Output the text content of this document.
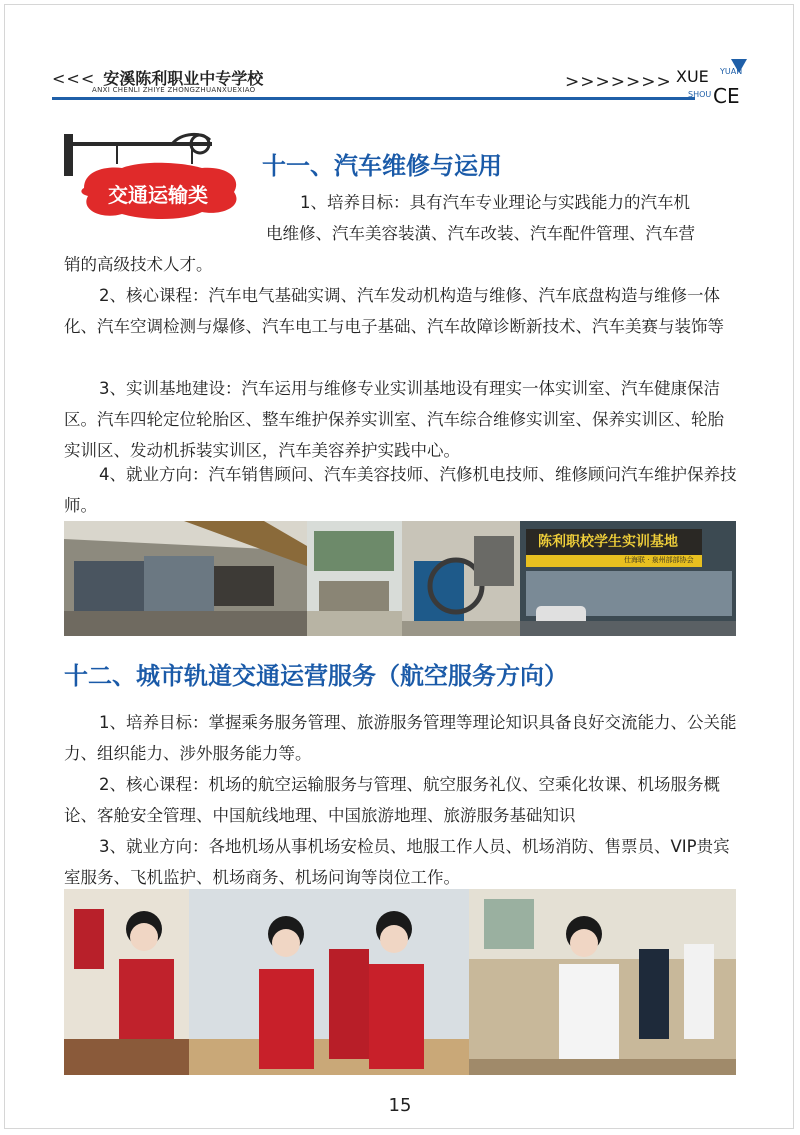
<<< 安溪陈利职业中专学校
ANXI CHENLI ZHIYE ZHONGZHUANXUEXIAO	>>>>>>> XUE YUAN
SHOU CE
交通运输类
十一、汽车维修与运用
1、培养目标：具有汽车专业理论与实践能力的汽车机
电维修、汽车美容装潢、汽车改装、汽车配件管理、汽车营
销的高级技术人才。
2、核心课程：汽车电气基础实调、汽车发动机构造与维修、汽车底盘构造与维修一体化、汽车空调检测与爆修、汽车电工与电子基础、汽车故障诊断新技术、汽车美赛与装饰等
3、实训基地建设：汽车运用与维修专业实训基地设有理实一体实训室、汽车健康保洁区。汽车四轮定位轮胎区、整车维护保养实训室、汽车综合维修实训室、保养实训区、轮胎实训区、发动机拆装实训区，汽车美容养护实践中心。
4、就业方向：汽车销售顾问、汽车美容技师、汽修机电技师、维修顾问汽车维护保养技师。
陈利职校学生实训基地
仕海联 · 泉州部部协会
十二、城市轨道交通运营服务（航空服务方向）
1、培养目标：掌握乘务服务管理、旅游服务管理等理论知识具备良好交流能力、公关能力、组织能力、涉外服务能力等。
2、核心课程：机场的航空运输服务与管理、航空服务礼仪、空乘化妆课、机场服务概论、客舱安全管理、中国航线地理、中国旅游地理、旅游服务基础知识
3、就业方向：各地机场从事机场安检员、地服工作人员、机场消防、售票员、VIP贵宾室服务、飞机监护、机场商务、机场问询等岗位工作。
15
